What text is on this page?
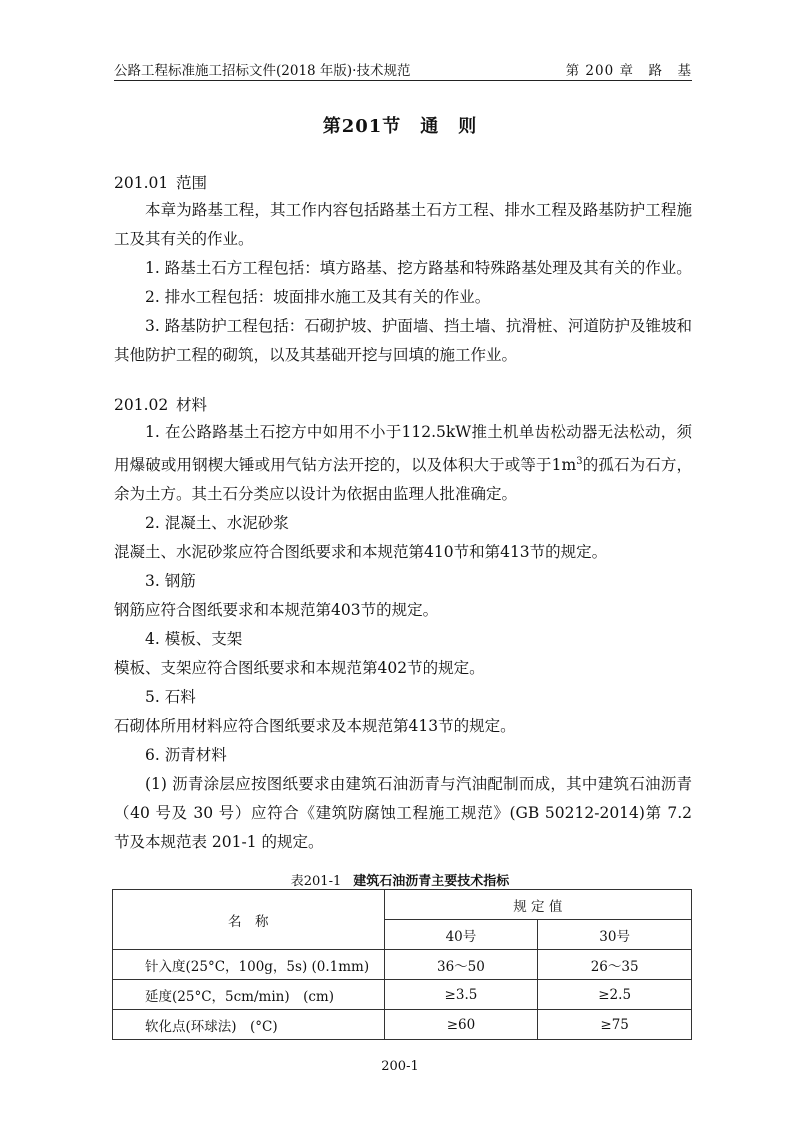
公路工程标准施工招标文件(2018 年版)·技术规范	第 200 章　路　基
第201节　通　则
201.01 范围

本章为路基工程，其工作内容包括路基土石方工程、排水工程及路基防护工程施工及其有关的作业。

1. 路基土石方工程包括：填方路基、挖方路基和特殊路基处理及其有关的作业。

2. 排水工程包括：坡面排水施工及其有关的作业。

3. 路基防护工程包括：石砌护坡、护面墙、挡土墙、抗滑桩、河道防护及锥坡和其他防护工程的砌筑，以及其基础开挖与回填的施工作业。

201.02 材料

1. 在公路路基土石挖方中如用不小于112.5kW推土机单齿松动器无法松动，须用爆破或用钢楔大锤或用气钻方法开挖的，以及体积大于或等于$1m^3$的孤石为石方，余为土方。其土石分类应以设计为依据由监理人批准确定。

2. 混凝土、水泥砂浆

混凝土、水泥砂浆应符合图纸要求和本规范第410节和第413节的规定。

3. 钢筋

钢筋应符合图纸要求和本规范第403节的规定。

4. 模板、支架

模板、支架应符合图纸要求和本规范第402节的规定。

5. 石料

石砌体所用材料应符合图纸要求及本规范第413节的规定。

6. 沥青材料

(1) 沥青涂层应按图纸要求由建筑石油沥青与汽油配制而成，其中建筑石油沥青（40 号及 30 号）应符合《建筑防腐蚀工程施工规范》(GB 50212-2014)第 7.2 节及本规范表 201-1 的规定。

表201-1 建筑石油沥青主要技术指标
名　称	规 定 值	
	40号	30号
针入度(25°C，100g，5s) (0.1mm)	36～50	26～35
延度(25°C，5cm/min)　(cm)	≥3.5	≥2.5
软化点(环球法)　(°C)	≥60	≥75
200-1
